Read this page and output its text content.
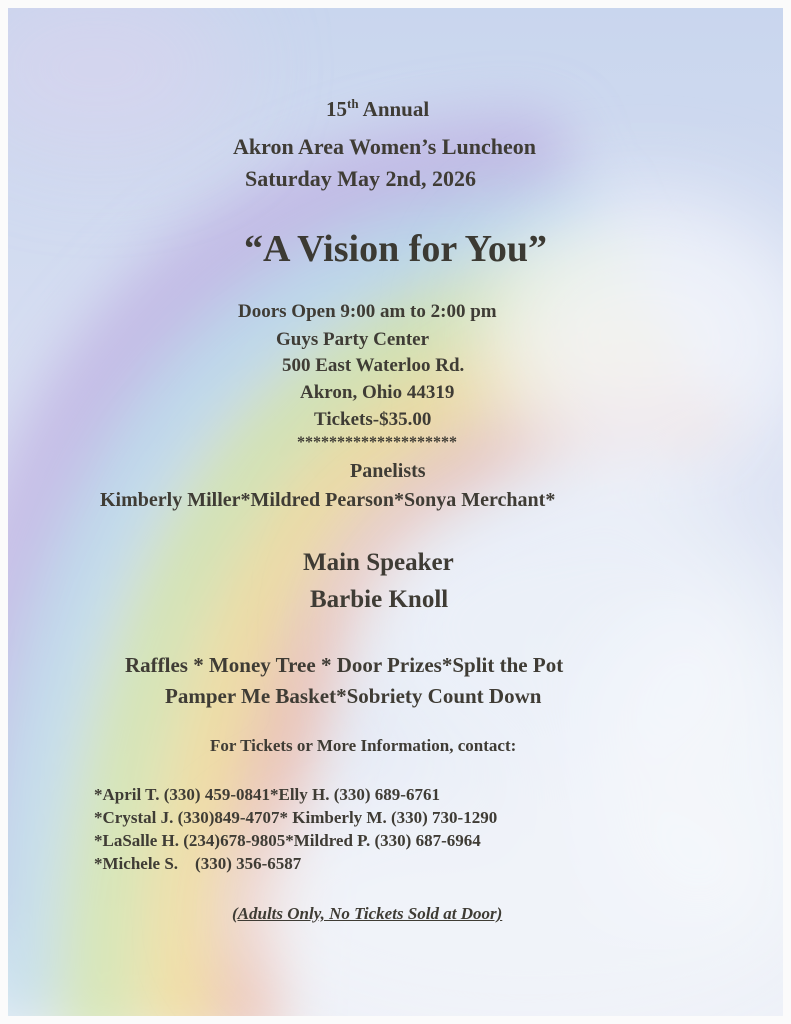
15th Annual
Akron Area Women’s Luncheon
Saturday May 2nd, 2026
“A Vision for You”
Doors Open 9:00 am to 2:00 pm
Guys Party Center
500 East Waterloo Rd.
Akron, Ohio 44319
Tickets-$35.00
********************
Panelists
Kimberly Miller*Mildred Pearson*Sonya Merchant*
Main Speaker
Barbie Knoll
Raffles * Money Tree * Door Prizes*Split the Pot
Pamper Me Basket*Sobriety Count Down
For Tickets or More Information, contact:
*April T. (330) 459-0841*Elly H. (330) 689-6761
*Crystal J. (330)849-4707* Kimberly M. (330) 730-1290
*LaSalle H. (234)678-9805*Mildred P. (330) 687-6964
*Michele S.    (330) 356-6587
(Adults Only, No Tickets Sold at Door)
